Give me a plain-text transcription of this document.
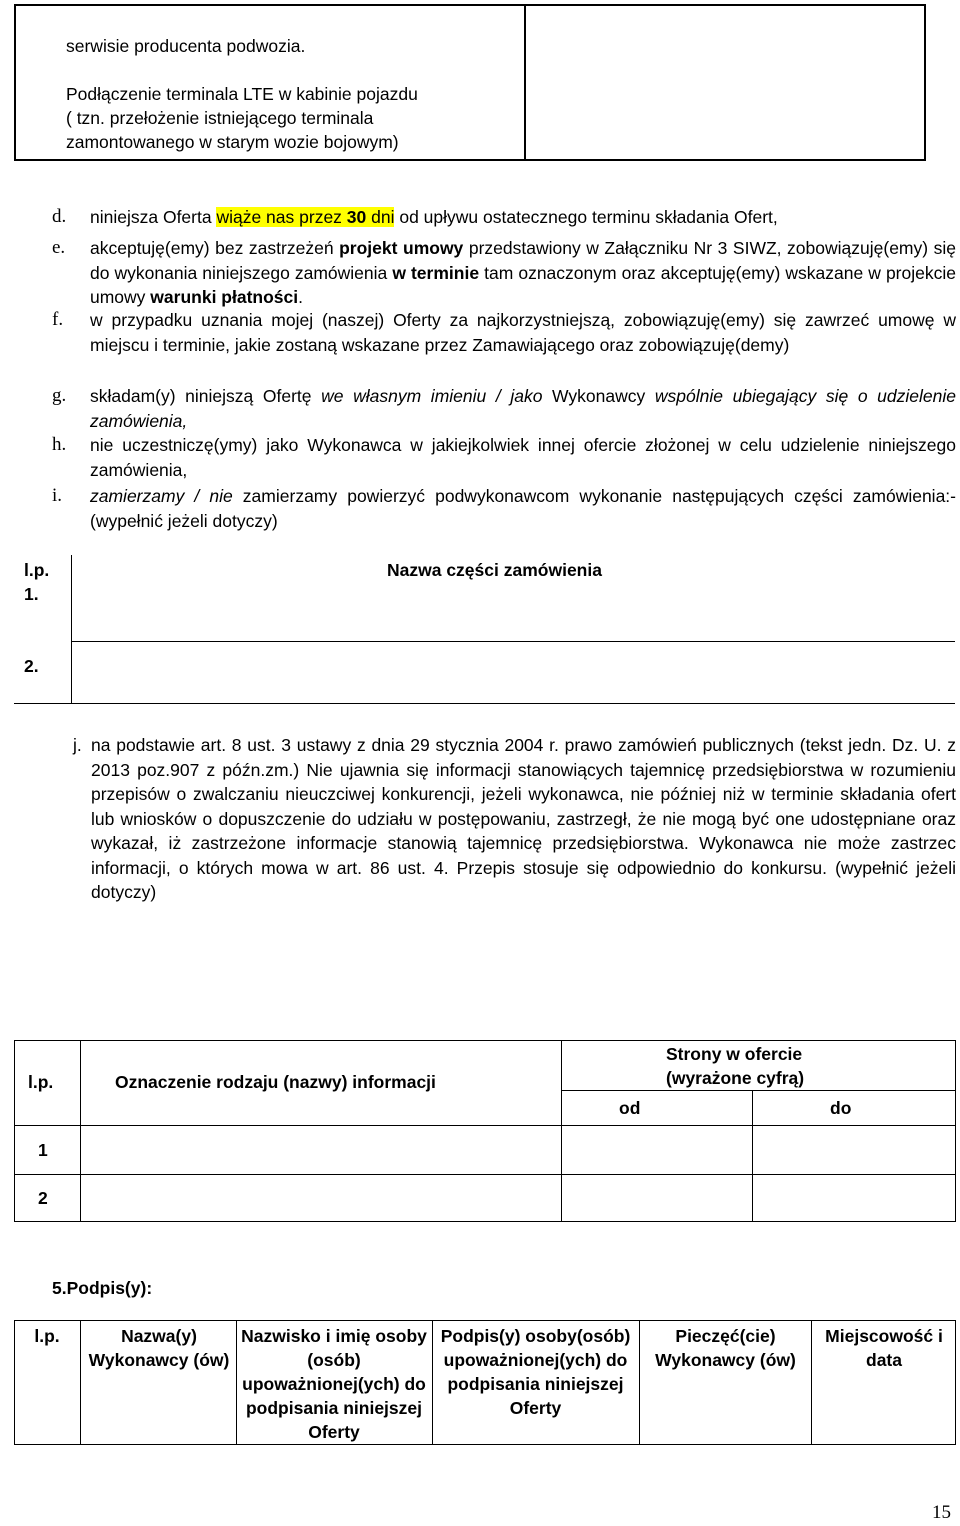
serwisie producenta podwozia.

Podłączenie terminala LTE w kabinie pojazdu

( tzn. przełożenie istniejącego terminala

zamontowanego w starym wozie bojowym)

d. niniejsza Oferta wiąże nas przez 30 dni od upływu ostatecznego terminu składania Ofert,
e. akceptuję(emy) bez zastrzeżeń projekt umowy przedstawiony w Załączniku Nr 3 SIWZ, zobowiązuję(emy) się do wykonania niniejszego zamówienia w terminie tam oznaczonym oraz akceptuję(emy) wskazane w projekcie umowy warunki płatności.
f. w przypadku uznania mojej (naszej) Oferty za najkorzystniejszą, zobowiązuję(emy) się zawrzeć umowę w miejscu i terminie, jakie zostaną wskazane przez Zamawiającego oraz zobowiązuję(demy)
g. składam(y) niniejszą Ofertę we własnym imieniu / jako Wykonawcy wspólnie ubiegający się o udzielenie zamówienia,
h. nie uczestniczę(ymy) jako Wykonawca w jakiejkolwiek innej ofercie złożonej w celu udzielenie niniejszego zamówienia,
i. zamierzamy / nie zamierzamy powierzyć podwykonawcom wykonanie następujących części zamówienia:- (wypełnić jeżeli dotyczy)
l.p.
1.
Nazwa części zamówienia
2.
j. na podstawie art. 8 ust. 3 ustawy z dnia 29 stycznia 2004 r. prawo zamówień publicznych (tekst jedn. Dz. U. z 2013 poz.907 z późn.zm.) Nie ujawnia się informacji stanowiących tajemnicę przedsiębiorstwa w rozumieniu przepisów o zwalczaniu nieuczciwej konkurencji, jeżeli wykonawca, nie później niż w terminie składania ofert lub wniosków o dopuszczenie do udziału w postępowaniu, zastrzegł, że nie mogą być one udostępniane oraz wykazał, iż zastrzeżone informacje stanowią tajemnicę przedsiębiorstwa. Wykonawca nie może zastrzec informacji, o których mowa w art. 86 ust. 4. Przepis stosuje się odpowiednio do konkursu. (wypełnić jeżeli dotyczy)
l.p.	Oznaczenie rodzaju (nazwy) informacji
Strony w ofercie
(wyrażone cyfrą)
od	do
1
2
5.Podpis(y):
l.p.	Nazwa(y) Wykonawcy (ów)
Nazwisko i imię osoby (osób) upoważnionej(ych) do podpisania niniejszej Oferty
Podpis(y) osoby(osób) upoważnionej(ych) do podpisania niniejszej Oferty
Pieczęć(cie) Wykonawcy (ów)
Miejscowość i data
15
